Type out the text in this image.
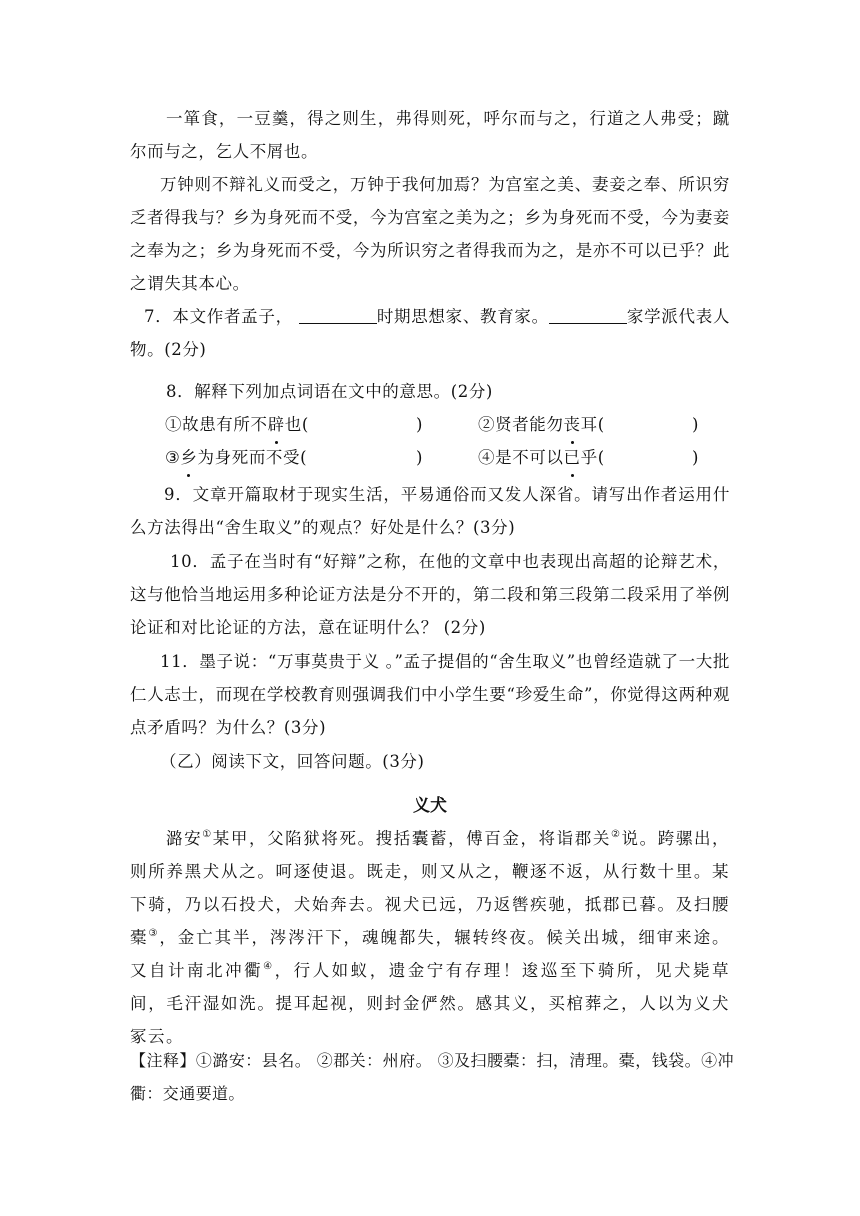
一箪食，一豆羹，得之则生，弗得则死，呼尔而与之，行道之人弗受；蹴尔而与之，乞人不屑也。

万钟则不辩礼义而受之，万钟于我何加焉？为宫室之美、妻妾之奉、所识穷乏者得我与？乡为身死而不受，今为宫室之美为之；乡为身死而不受，今为妻妾之奉为之；乡为身死而不受，今为所识穷之者得我而为之，是亦不可以已乎？此之谓失其本心。

7．本文作者孟子，	时期思想家、教育家。	家学派代表人物。(2分)

8．解释下列加点词语在文中的意思。(2分)

①故患有所不辟也(	)	②贤者能勿丧耳(	)
③乡为身死而不受(	)	④是不可以已乎(	)

9．文章开篇取材于现实生活，平易通俗而又发人深省。请写出作者运用什么方法得出“舍生取义”的观点？好处是什么？(3分)

10．孟子在当时有“好辩”之称，在他的文章中也表现出高超的论辩艺术，这与他恰当地运用多种论证方法是分不开的，第二段和第三段第二段采用了举例论证和对比论证的方法，意在证明什么？ (2分)

11．墨子说：“万事莫贵于义 。”孟子提倡的“舍生取义”也曾经造就了一大批仁人志士，而现在学校教育则强调我们中小学生要“珍爱生命”，你觉得这两种观点矛盾吗？为什么？(3分)

（乙）阅读下文，回答问题。(3分)

义犬

潞安①某甲，父陷狱将死。搜括囊蓄，傅百金，将诣郡关②说。跨骡出，则所养黑犬从之。呵逐使退。既走，则又从之，鞭逐不返，从行数十里。某下骑，乃以石投犬，犬始奔去。视犬已远，乃返辔疾驰，抵郡已暮。及扫腰橐③，金亡其半，涔涔汗下，魂魄都失，辗转终夜。候关出城，细审来途。又自计南北冲衢④，行人如蚁，遗金宁有存理！逡巡至下骑所，见犬毙草间，毛汗湿如洗。提耳起视，则封金俨然。感其义，买棺葬之，人以为义犬冢云。

【注释】①潞安：县名。 ②郡关：州府。 ③及扫腰橐：扫，清理。橐，钱袋。④冲衢：交通要道。
